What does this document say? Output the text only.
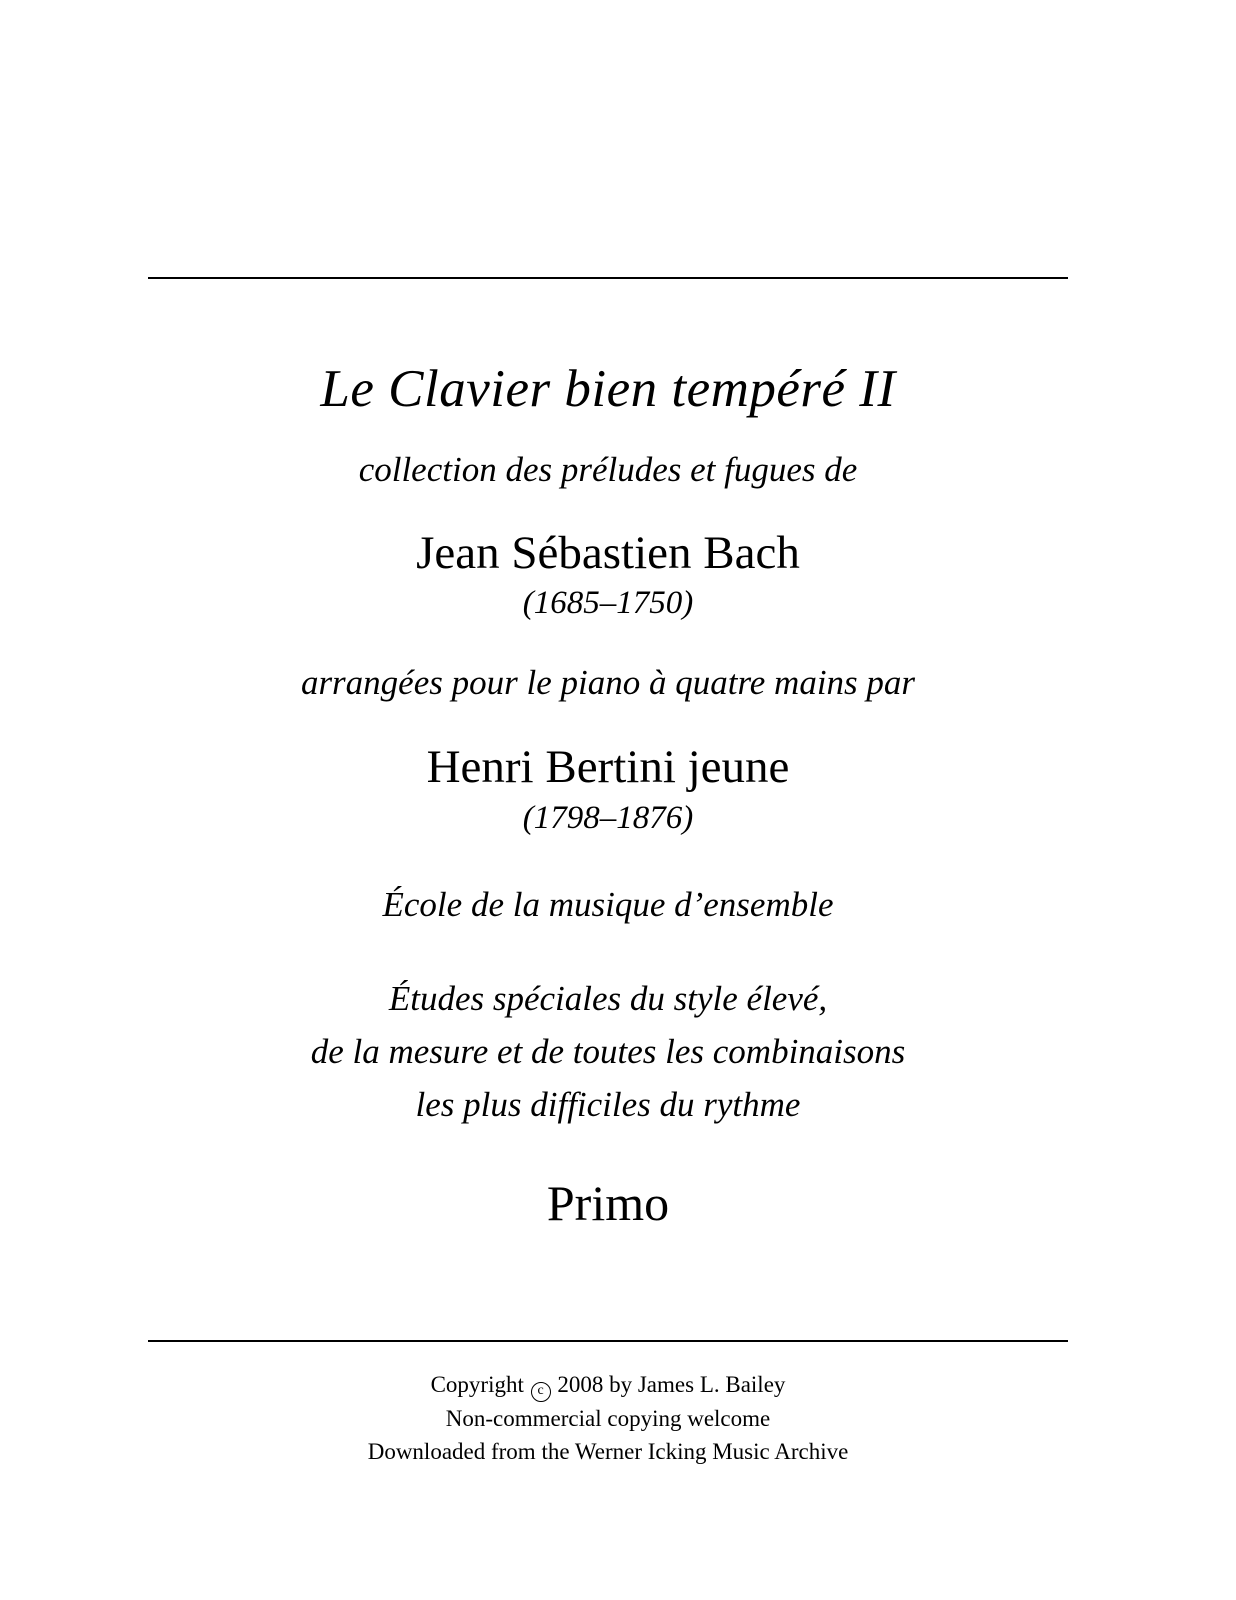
Le Clavier bien tempéré II
collection des préludes et fugues de
Jean Sébastien Bach
(1685–1750)
arrangées pour le piano à quatre mains par
Henri Bertini jeune
(1798–1876)
École de la musique d’ensemble
Études spéciales du style élevé,
de la mesure et de toutes les combinaisons
les plus difficiles du rythme
Primo
Copyright c 2008 by James L. Bailey
Non-commercial copying welcome
Downloaded from the Werner Icking Music Archive
